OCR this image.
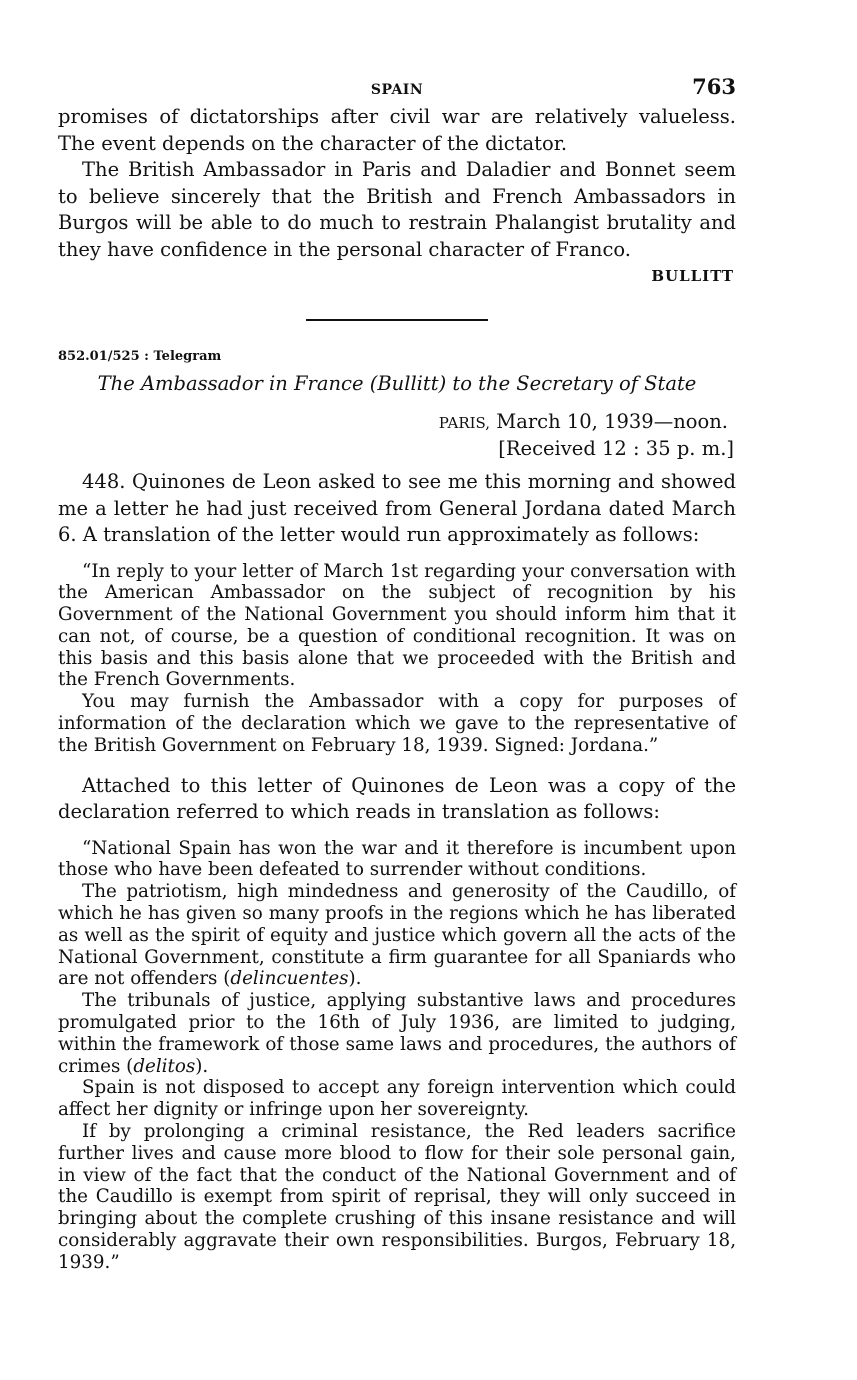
SPAIN	763

promises of dictatorships after civil war are relatively valueless. The event depends on the character of the dictator.

The British Ambassador in Paris and Daladier and Bonnet seem to believe sincerely that the British and French Ambassadors in Burgos will be able to do much to restrain Phalangist brutality and they have confidence in the personal character of Franco.

BULLITT
852.01/525 : Telegram
The Ambassador in France (Bullitt) to the Secretary of State
PARIS, March 10, 1939—noon.
[Received 12 : 35 p. m.]

448. Quinones de Leon asked to see me this morning and showed me a letter he had just received from General Jordana dated March 6. A translation of the letter would run approximately as follows:

“In reply to your letter of March 1st regarding your conversation with the American Ambassador on the subject of recognition by his Government of the National Government you should inform him that it can not, of course, be a question of conditional recognition. It was on this basis and this basis alone that we proceeded with the British and the French Governments.

You may furnish the Ambassador with a copy for purposes of information of the declaration which we gave to the representative of the British Government on February 18, 1939. Signed: Jordana.”

Attached to this letter of Quinones de Leon was a copy of the declaration referred to which reads in translation as follows:

“National Spain has won the war and it therefore is incumbent upon those who have been defeated to surrender without conditions.

The patriotism, high mindedness and generosity of the Caudillo, of which he has given so many proofs in the regions which he has liberated as well as the spirit of equity and justice which govern all the acts of the National Government, constitute a firm guarantee for all Spaniards who are not offenders (delincuentes).

The tribunals of justice, applying substantive laws and procedures promulgated prior to the 16th of July 1936, are limited to judging, within the framework of those same laws and procedures, the authors of crimes (delitos).

Spain is not disposed to accept any foreign intervention which could affect her dignity or infringe upon her sovereignty.

If by prolonging a criminal resistance, the Red leaders sacrifice further lives and cause more blood to flow for their sole personal gain, in view of the fact that the conduct of the National Government and of the Caudillo is exempt from spirit of reprisal, they will only succeed in bringing about the complete crushing of this insane resistance and will considerably aggravate their own responsibilities. Burgos, February 18, 1939.”
